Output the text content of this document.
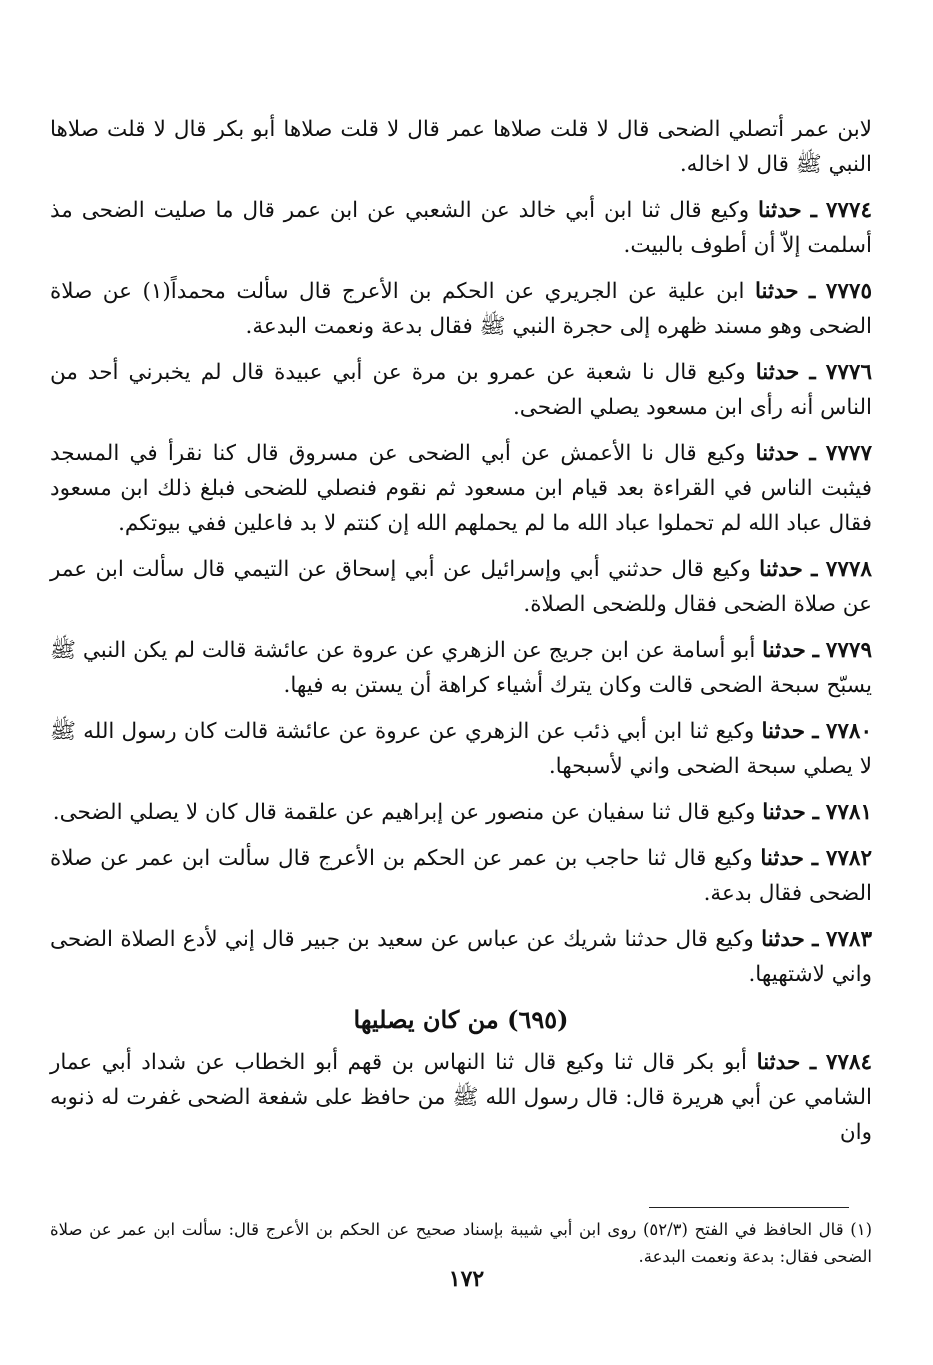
لابن عمر أتصلي الضحى قال لا قلت صلاها عمر قال لا قلت صلاها أبو بكر قال لا قلت صلاها النبي ﷺ قال لا اخاله.

٧٧٧٤ ـ حدثنا وكيع قال ثنا ابن أبي خالد عن الشعبي عن ابن عمر قال ما صليت الضحى مذ أسلمت إلاّ أن أطوف بالبيت.

٧٧٧٥ ـ حدثنا ابن علية عن الجريري عن الحكم بن الأعرج قال سألت محمداً(١) عن صلاة الضحى وهو مسند ظهره إلى حجرة النبي ﷺ فقال بدعة ونعمت البدعة.

٧٧٧٦ ـ حدثنا وكيع قال نا شعبة عن عمرو بن مرة عن أبي عبيدة قال لم يخبرني أحد من الناس أنه رأى ابن مسعود يصلي الضحى.

٧٧٧٧ ـ حدثنا وكيع قال نا الأعمش عن أبي الضحى عن مسروق قال كنا نقرأ في المسجد فيثبت الناس في القراءة بعد قيام ابن مسعود ثم نقوم فنصلي للضحى فبلغ ذلك ابن مسعود فقال عباد الله لم تحملوا عباد الله ما لم يحملهم الله إن كنتم لا بد فاعلين ففي بيوتكم.

٧٧٧٨ ـ حدثنا وكيع قال حدثني أبي وإسرائيل عن أبي إسحاق عن التيمي قال سألت ابن عمر عن صلاة الضحى فقال وللضحى الصلاة.

٧٧٧٩ ـ حدثنا أبو أسامة عن ابن جريج عن الزهري عن عروة عن عائشة قالت لم يكن النبي ﷺ يسبّح سبحة الضحى قالت وكان يترك أشياء كراهة أن يستن به فيها.

٧٧٨٠ ـ حدثنا وكيع ثنا ابن أبي ذئب عن الزهري عن عروة عن عائشة قالت كان رسول الله ﷺ لا يصلي سبحة الضحى واني لأسبحها.

٧٧٨١ ـ حدثنا وكيع قال ثنا سفيان عن منصور عن إبراهيم عن علقمة قال كان لا يصلي الضحى.

٧٧٨٢ ـ حدثنا وكيع قال ثنا حاجب بن عمر عن الحكم بن الأعرج قال سألت ابن عمر عن صلاة الضحى فقال بدعة.

٧٧٨٣ ـ حدثنا وكيع قال حدثنا شريك عن عباس عن سعيد بن جبير قال إني لأدع الصلاة الضحى واني لاشتهيها.

(٦٩٥) من كان يصليها

٧٧٨٤ ـ حدثنا أبو بكر قال ثنا وكيع قال ثنا النهاس بن قهم أبو الخطاب عن شداد أبي عمار الشامي عن أبي هريرة قال: قال رسول الله ﷺ من حافظ على شفعة الضحى غفرت له ذنوبه وان

(١) قال الحافظ في الفتح (٥٢/٣) روى ابن أبي شيبة بإسناد صحيح عن الحكم بن الأعرج قال: سألت ابن عمر عن صلاة الضحى فقال: بدعة ونعمت البدعة.
١٧٢
